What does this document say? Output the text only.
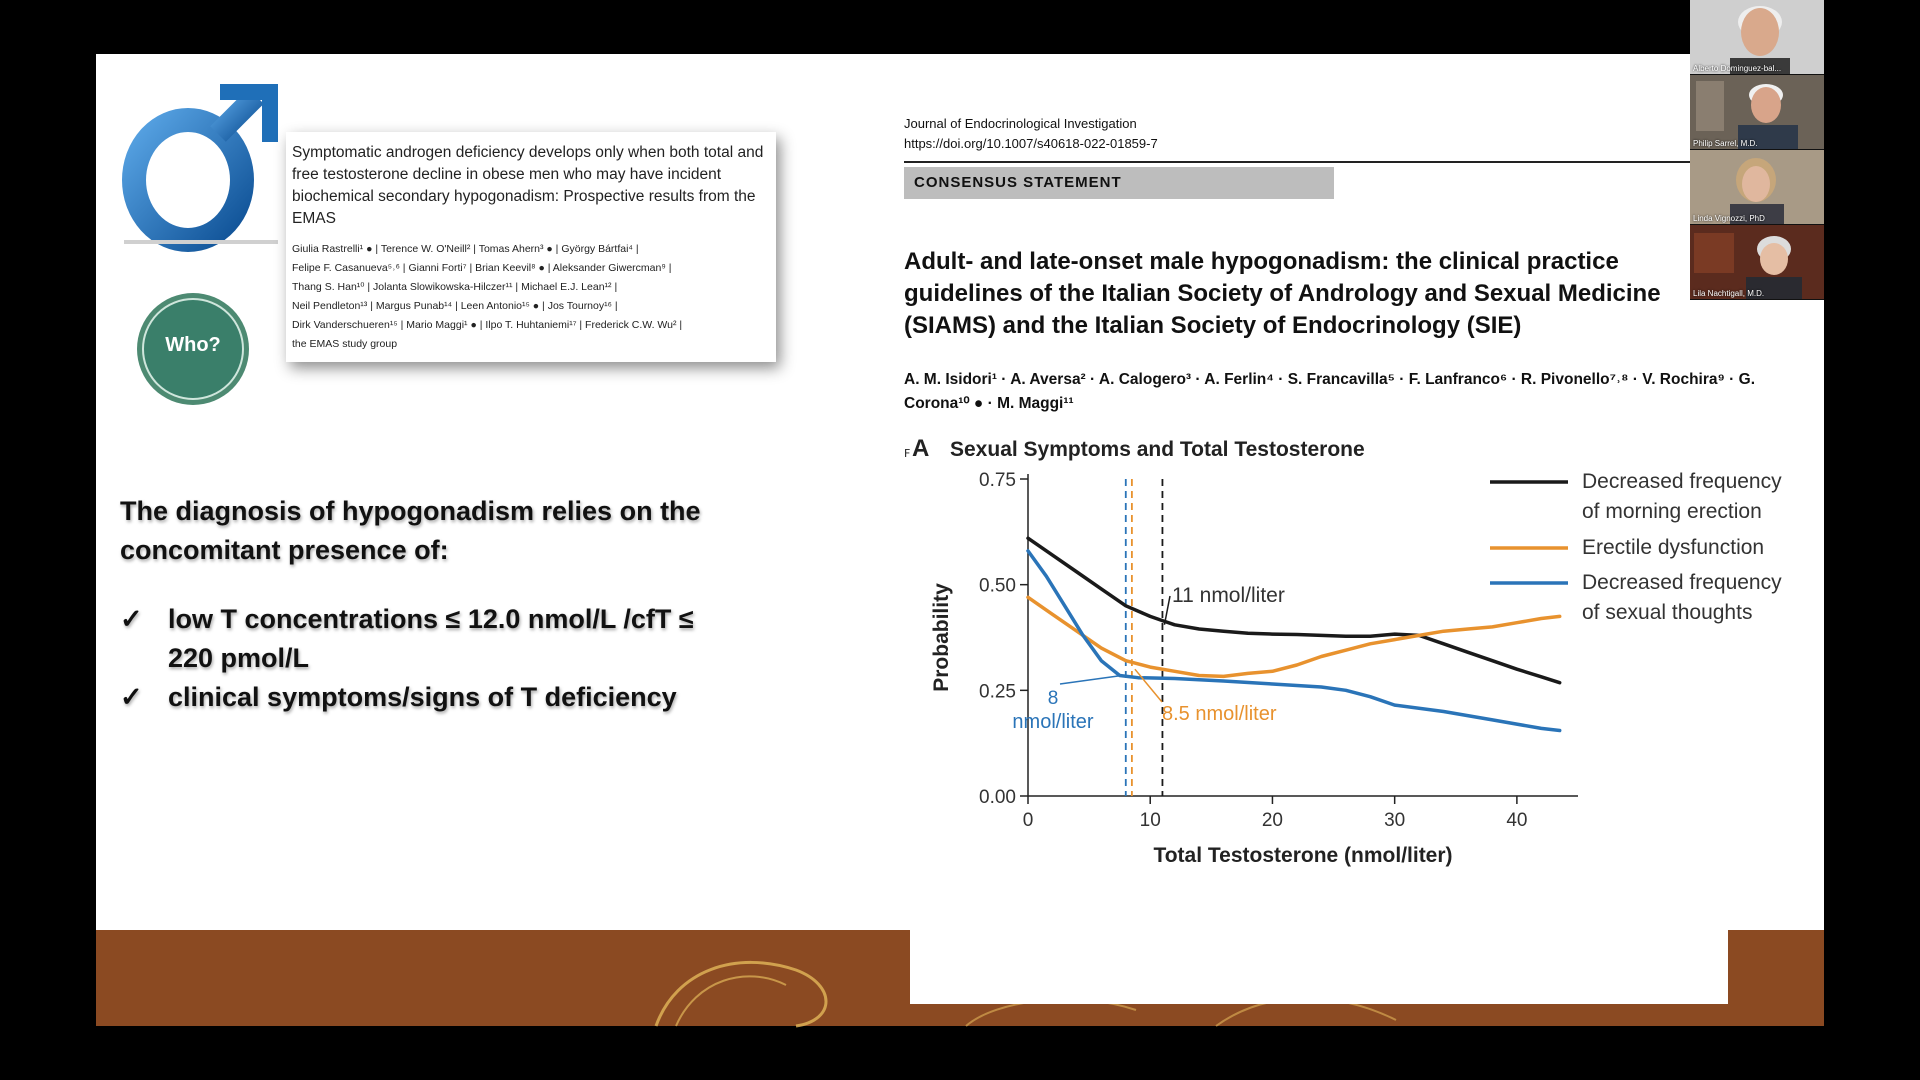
Who?

Symptomatic androgen deficiency develops only when both total and free testosterone decline in obese men who may have incident biochemical secondary hypogonadism: Prospective results from the EMAS

Giulia Rastrelli¹ ● | Terence W. O'Neill² | Tomas Ahern³ ● | György Bártfai⁴ |
Felipe F. Casanueva⁵˒⁶ | Gianni Forti⁷ | Brian Keevil⁸ ● | Aleksander Giwercman⁹ |
Thang S. Han¹⁰ | Jolanta Slowikowska-Hilczer¹¹ | Michael E.J. Lean¹² |
Neil Pendleton¹³ | Margus Punab¹⁴ | Leen Antonio¹⁵ ● | Jos Tournoy¹⁶ |
Dirk Vanderschueren¹⁵ | Mario Maggi¹ ● | Ilpo T. Huhtaniemi¹⁷ | Frederick C.W. Wu² |
the EMAS study group

The diagnosis of hypogonadism relies on the concomitant presence of:

✓ low T concentrations ≤ 12.0 nmol/L /cfT ≤ 220 pmol/L
✓ clinical symptoms/signs of T deficiency
Journal of Endocrinological Investigation
https://doi.org/10.1007/s40618-022-01859-7
CONSENSUS STATEMENT
Adult- and late-onset male hypogonadism: the clinical practice guidelines of the Italian Society of Andrology and Sexual Medicine (SIAMS) and the Italian Society of Endocrinology (SIE)
A. M. Isidori¹ · A. Aversa² · A. Calogero³ · A. Ferlin⁴ · S. Francavilla⁵ · F. Lanfranco⁶ · R. Pivonello⁷˒⁸ · V. Rochira⁹ · G. Corona¹⁰ ● · M. Maggi¹¹
F A Sexual Symptoms and Total Testosterone
0.00
0.25
0.50
0.75
0	10	20	30	40
Total Testosterone (nmol/liter)
Probability	11 nmol/liter
8
nmol/liter	8.5 nmol/liter
Decreased frequency
of morning erection
Erectile dysfunction
Decreased frequency
of sexual thoughts
Alberto Dominguez-bal...
Philip Sarrel, M.D.
Linda Vignozzi, PhD
Lila Nachtigall, M.D.
